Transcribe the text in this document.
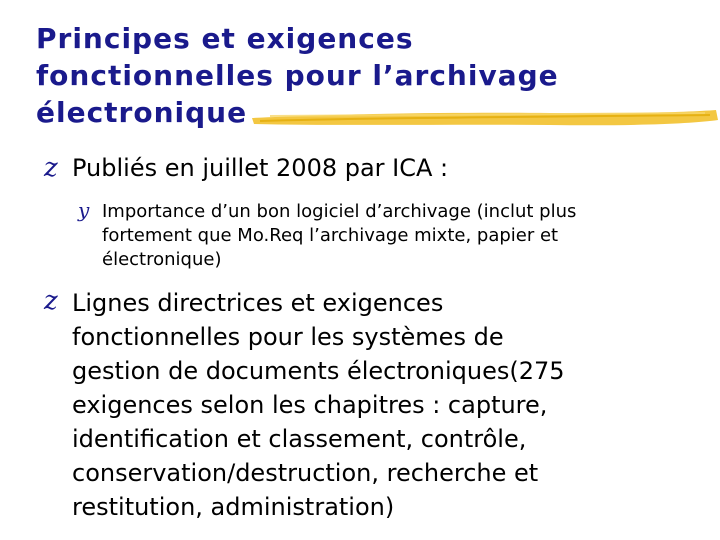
Principes et exigences
fonctionnelles pour l’archivage
électronique
z Publiés en juillet 2008 par ICA :
y Importance d’un bon logiciel d’archivage (inclut plus
fortement que Mo.Req l’archivage mixte, papier et
électronique)
z Lignes directrices et exigences
fonctionnelles pour les systèmes de
gestion de documents électroniques(275
exigences selon les chapitres : capture,
identification et classement, contrôle,
conservation/destruction, recherche et
restitution, administration)
